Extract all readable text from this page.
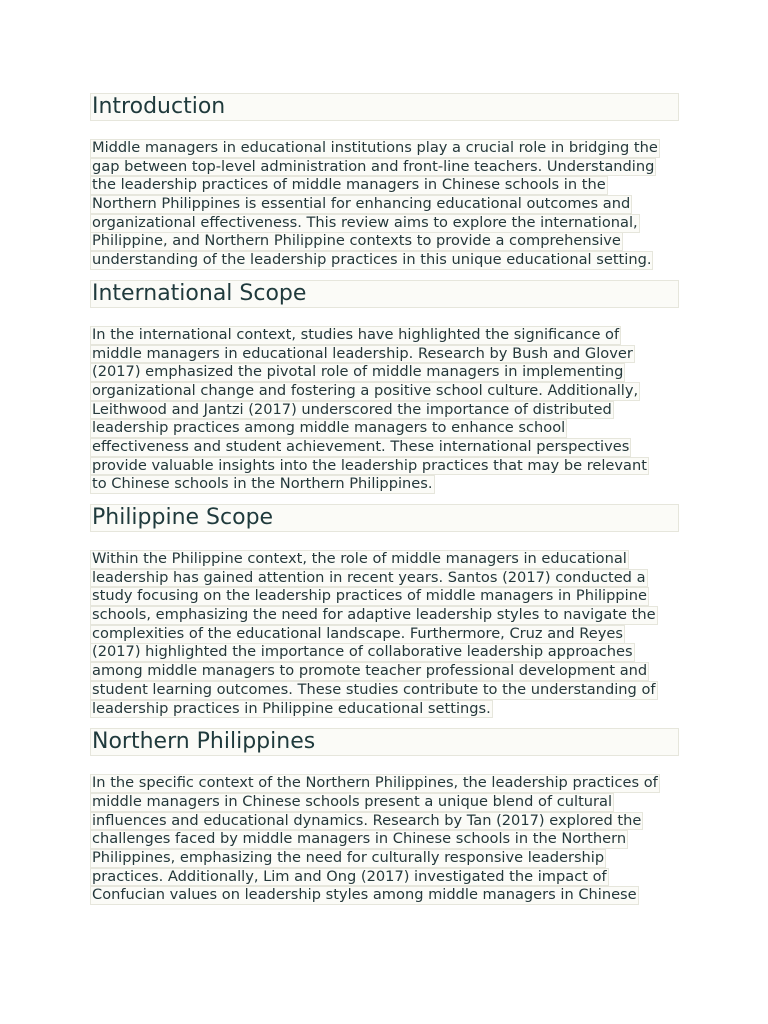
Introduction
Middle managers in educational institutions play a crucial role in bridging the
gap between top-level administration and front-line teachers. Understanding
the leadership practices of middle managers in Chinese schools in the
Northern Philippines is essential for enhancing educational outcomes and
organizational effectiveness. This review aims to explore the international,
Philippine, and Northern Philippine contexts to provide a comprehensive
understanding of the leadership practices in this unique educational setting.
International Scope
In the international context, studies have highlighted the significance of
middle managers in educational leadership. Research by Bush and Glover
(2017) emphasized the pivotal role of middle managers in implementing
organizational change and fostering a positive school culture. Additionally,
Leithwood and Jantzi (2017) underscored the importance of distributed
leadership practices among middle managers to enhance school
effectiveness and student achievement. These international perspectives
provide valuable insights into the leadership practices that may be relevant
to Chinese schools in the Northern Philippines.
Philippine Scope
Within the Philippine context, the role of middle managers in educational
leadership has gained attention in recent years. Santos (2017) conducted a
study focusing on the leadership practices of middle managers in Philippine
schools, emphasizing the need for adaptive leadership styles to navigate the
complexities of the educational landscape. Furthermore, Cruz and Reyes
(2017) highlighted the importance of collaborative leadership approaches
among middle managers to promote teacher professional development and
student learning outcomes. These studies contribute to the understanding of
leadership practices in Philippine educational settings.
Northern Philippines
In the specific context of the Northern Philippines, the leadership practices of
middle managers in Chinese schools present a unique blend of cultural
influences and educational dynamics. Research by Tan (2017) explored the
challenges faced by middle managers in Chinese schools in the Northern
Philippines, emphasizing the need for culturally responsive leadership
practices. Additionally, Lim and Ong (2017) investigated the impact of
Confucian values on leadership styles among middle managers in Chinese
